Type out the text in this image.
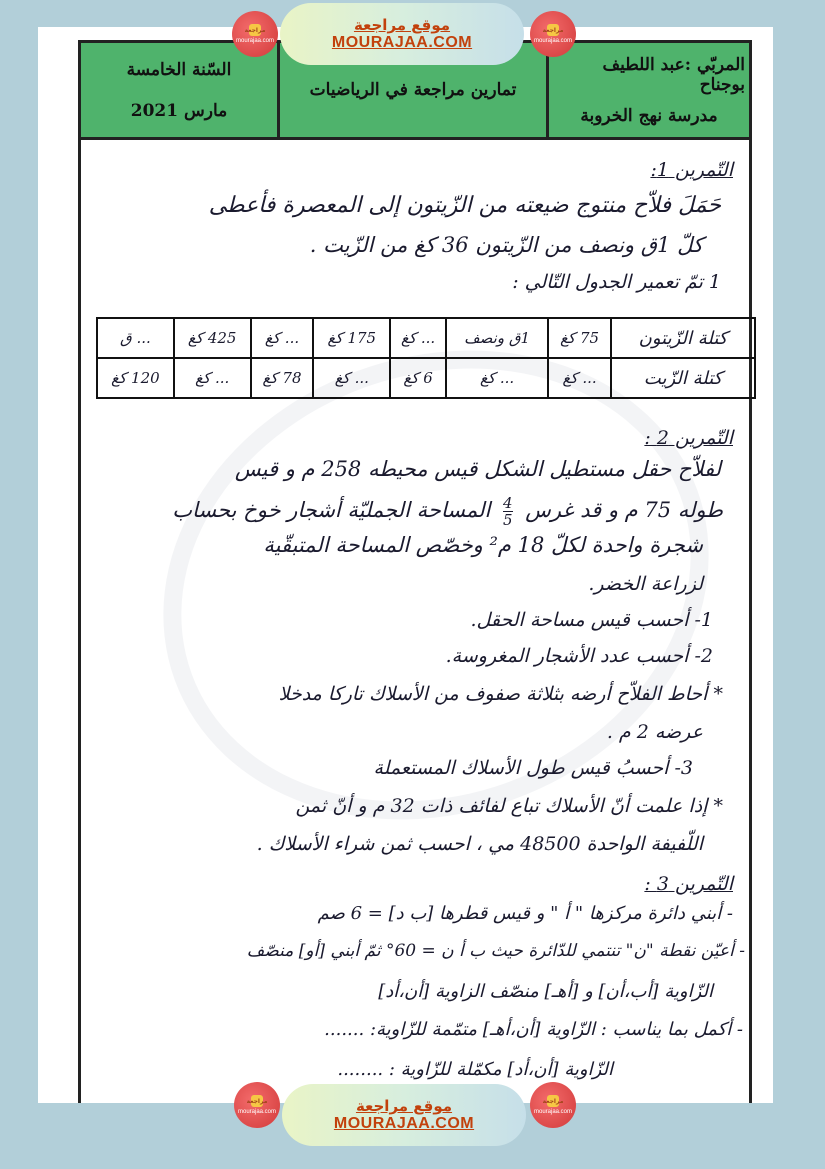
السّنة الخامسة
مارس 2021
تمارين مراجعة في الرياضيات
المربّي :عبد اللطيف بوجناح
مدرسة نهج الخروبة
التّمرين 1:
حَمَلَ فلاّح منتوج ضيعته من الزّيتون إلى المعصرة فأعطى
كلّ 1ق ونصف من الزّيتون 36 كغ من الزّيت .
1 تمّ تعمير الجدول التّالي :
كتلة الزّيتون	75 كغ	1ق ونصف	... كغ	175 كغ	... كغ	425 كغ	... ق
كتلة الزّيت	... كغ	... كغ	6 كغ	... كغ	78 كغ	... كغ	120 كغ
التّمرين 2 :
لفلاّح حقل مستطيل الشكل قيس محيطه 258 م و قيس
طوله 75 م و قد غرس
$\frac{4}{5}$ المساحة الجمليّة أشجار خوخ بحساب
شجرة واحدة لكلّ 18 م² وخصّص المساحة المتبقّية
لزراعة الخضر.
1- أحسب قيس مساحة الحقل.
2- أحسب عدد الأشجار المغروسة.
* أحاط الفلاّح أرضه بثلاثة صفوف من الأسلاك تاركا مدخلا
عرضه 2 م .
3- أحسبُ قيس طول الأسلاك المستعملة
* إذا علمت أنّ الأسلاك تباع لفائف ذات 32 م و أنّ ثمن
اللّفيفة الواحدة 48500 مي ، احسب ثمن شراء الأسلاك .
التّمرين 3 :
- أبني دائرة مركزها " أ " و قيس قطرها [ب د] = 6 صم
- أعيّن نقطة "ن" تنتمي للدّائرة حيث ب أ ن = 60° ثمّ أبني [أو] منصّف
الزّاوية [أب،أن] و [أهـ] منصّف الزاوية [أن،أد]
- أكمل بما يناسب : الزّاوية [أن،أهـ] متمّمة للزّاوية: .......
الزّاوية [أن،أد] مكمّلة للزّاوية : ........
مراجعة
mourajaa.com
موقع مراجعة
MOURAJAA.COM
مراجعة
mourajaa.com
مراجعة
mourajaa.com	موقع مراجعة
MOURAJAA.COM
مراجعة
mourajaa.com
